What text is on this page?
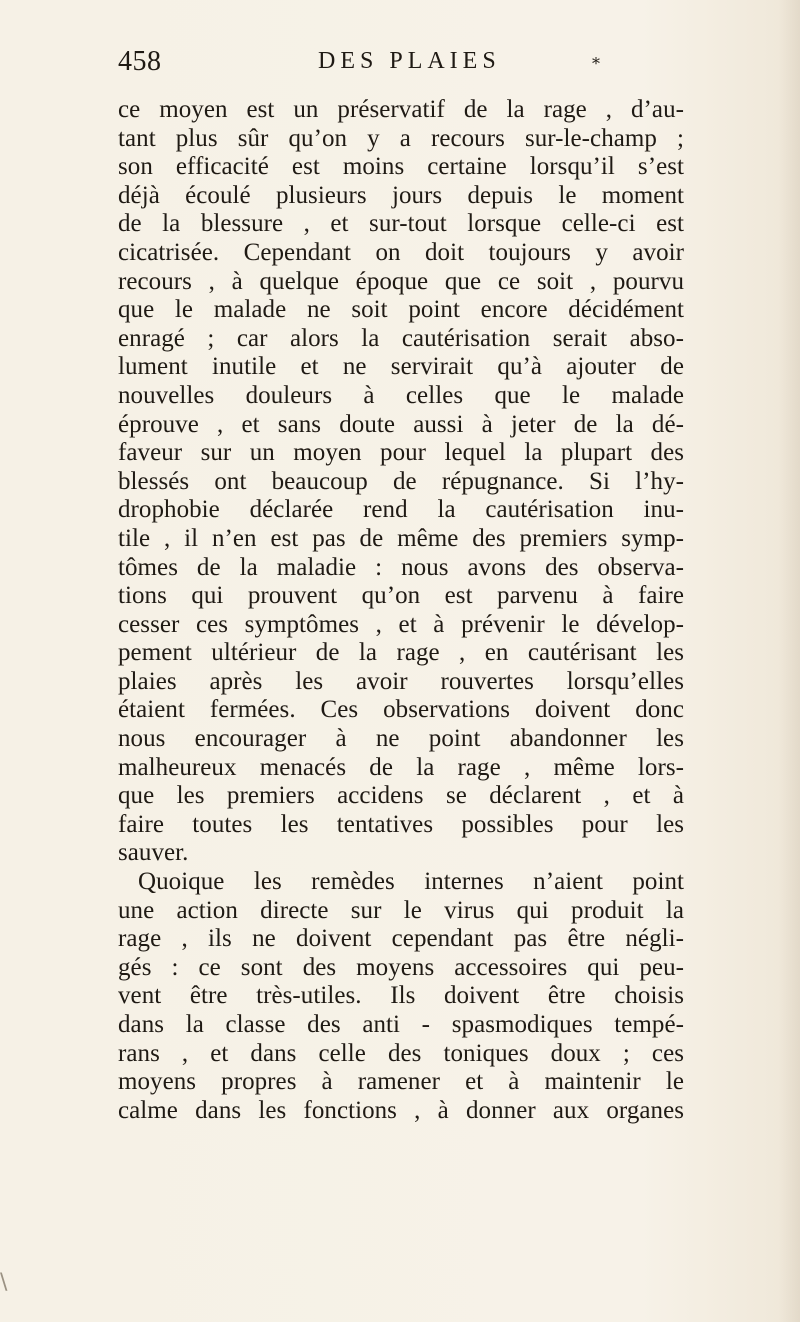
458	DES PLAIES	*
ce moyen est un préservatif de la rage , d’au-
tant plus sûr qu’on y a recours sur-le-champ ;
son efficacité est moins certaine lorsqu’il s’est
déjà écoulé plusieurs jours depuis le moment
de la blessure , et sur-tout lorsque celle-ci est
cicatrisée. Cependant on doit toujours y avoir
recours , à quelque époque que ce soit , pourvu
que le malade ne soit point encore décidément
enragé ; car alors la cautérisation serait abso-
lument inutile et ne servirait qu’à ajouter de
nouvelles douleurs à celles que le malade
éprouve , et sans doute aussi à jeter de la dé-
faveur sur un moyen pour lequel la plupart des
blessés ont beaucoup de répugnance. Si l’hy-
drophobie déclarée rend la cautérisation inu-
tile , il n’en est pas de même des premiers symp-
tômes de la maladie : nous avons des observa-
tions qui prouvent qu’on est parvenu à faire
cesser ces symptômes , et à prévenir le dévelop-
pement ultérieur de la rage , en cautérisant les
plaies après les avoir rouvertes lorsqu’elles
étaient fermées. Ces observations doivent donc
nous encourager à ne point abandonner les
malheureux menacés de la rage , même lors-
que les premiers accidens se déclarent , et à
faire toutes les tentatives possibles pour les
sauver.
Quoique les remèdes internes n’aient point
une action directe sur le virus qui produit la
rage , ils ne doivent cependant pas être négli-
gés : ce sont des moyens accessoires qui peu-
vent être très-utiles. Ils doivent être choisis
dans la classe des anti - spasmodiques tempé-
rans , et dans celle des toniques doux ; ces
moyens propres à ramener et à maintenir le
calme dans les fonctions , à donner aux organes
\
